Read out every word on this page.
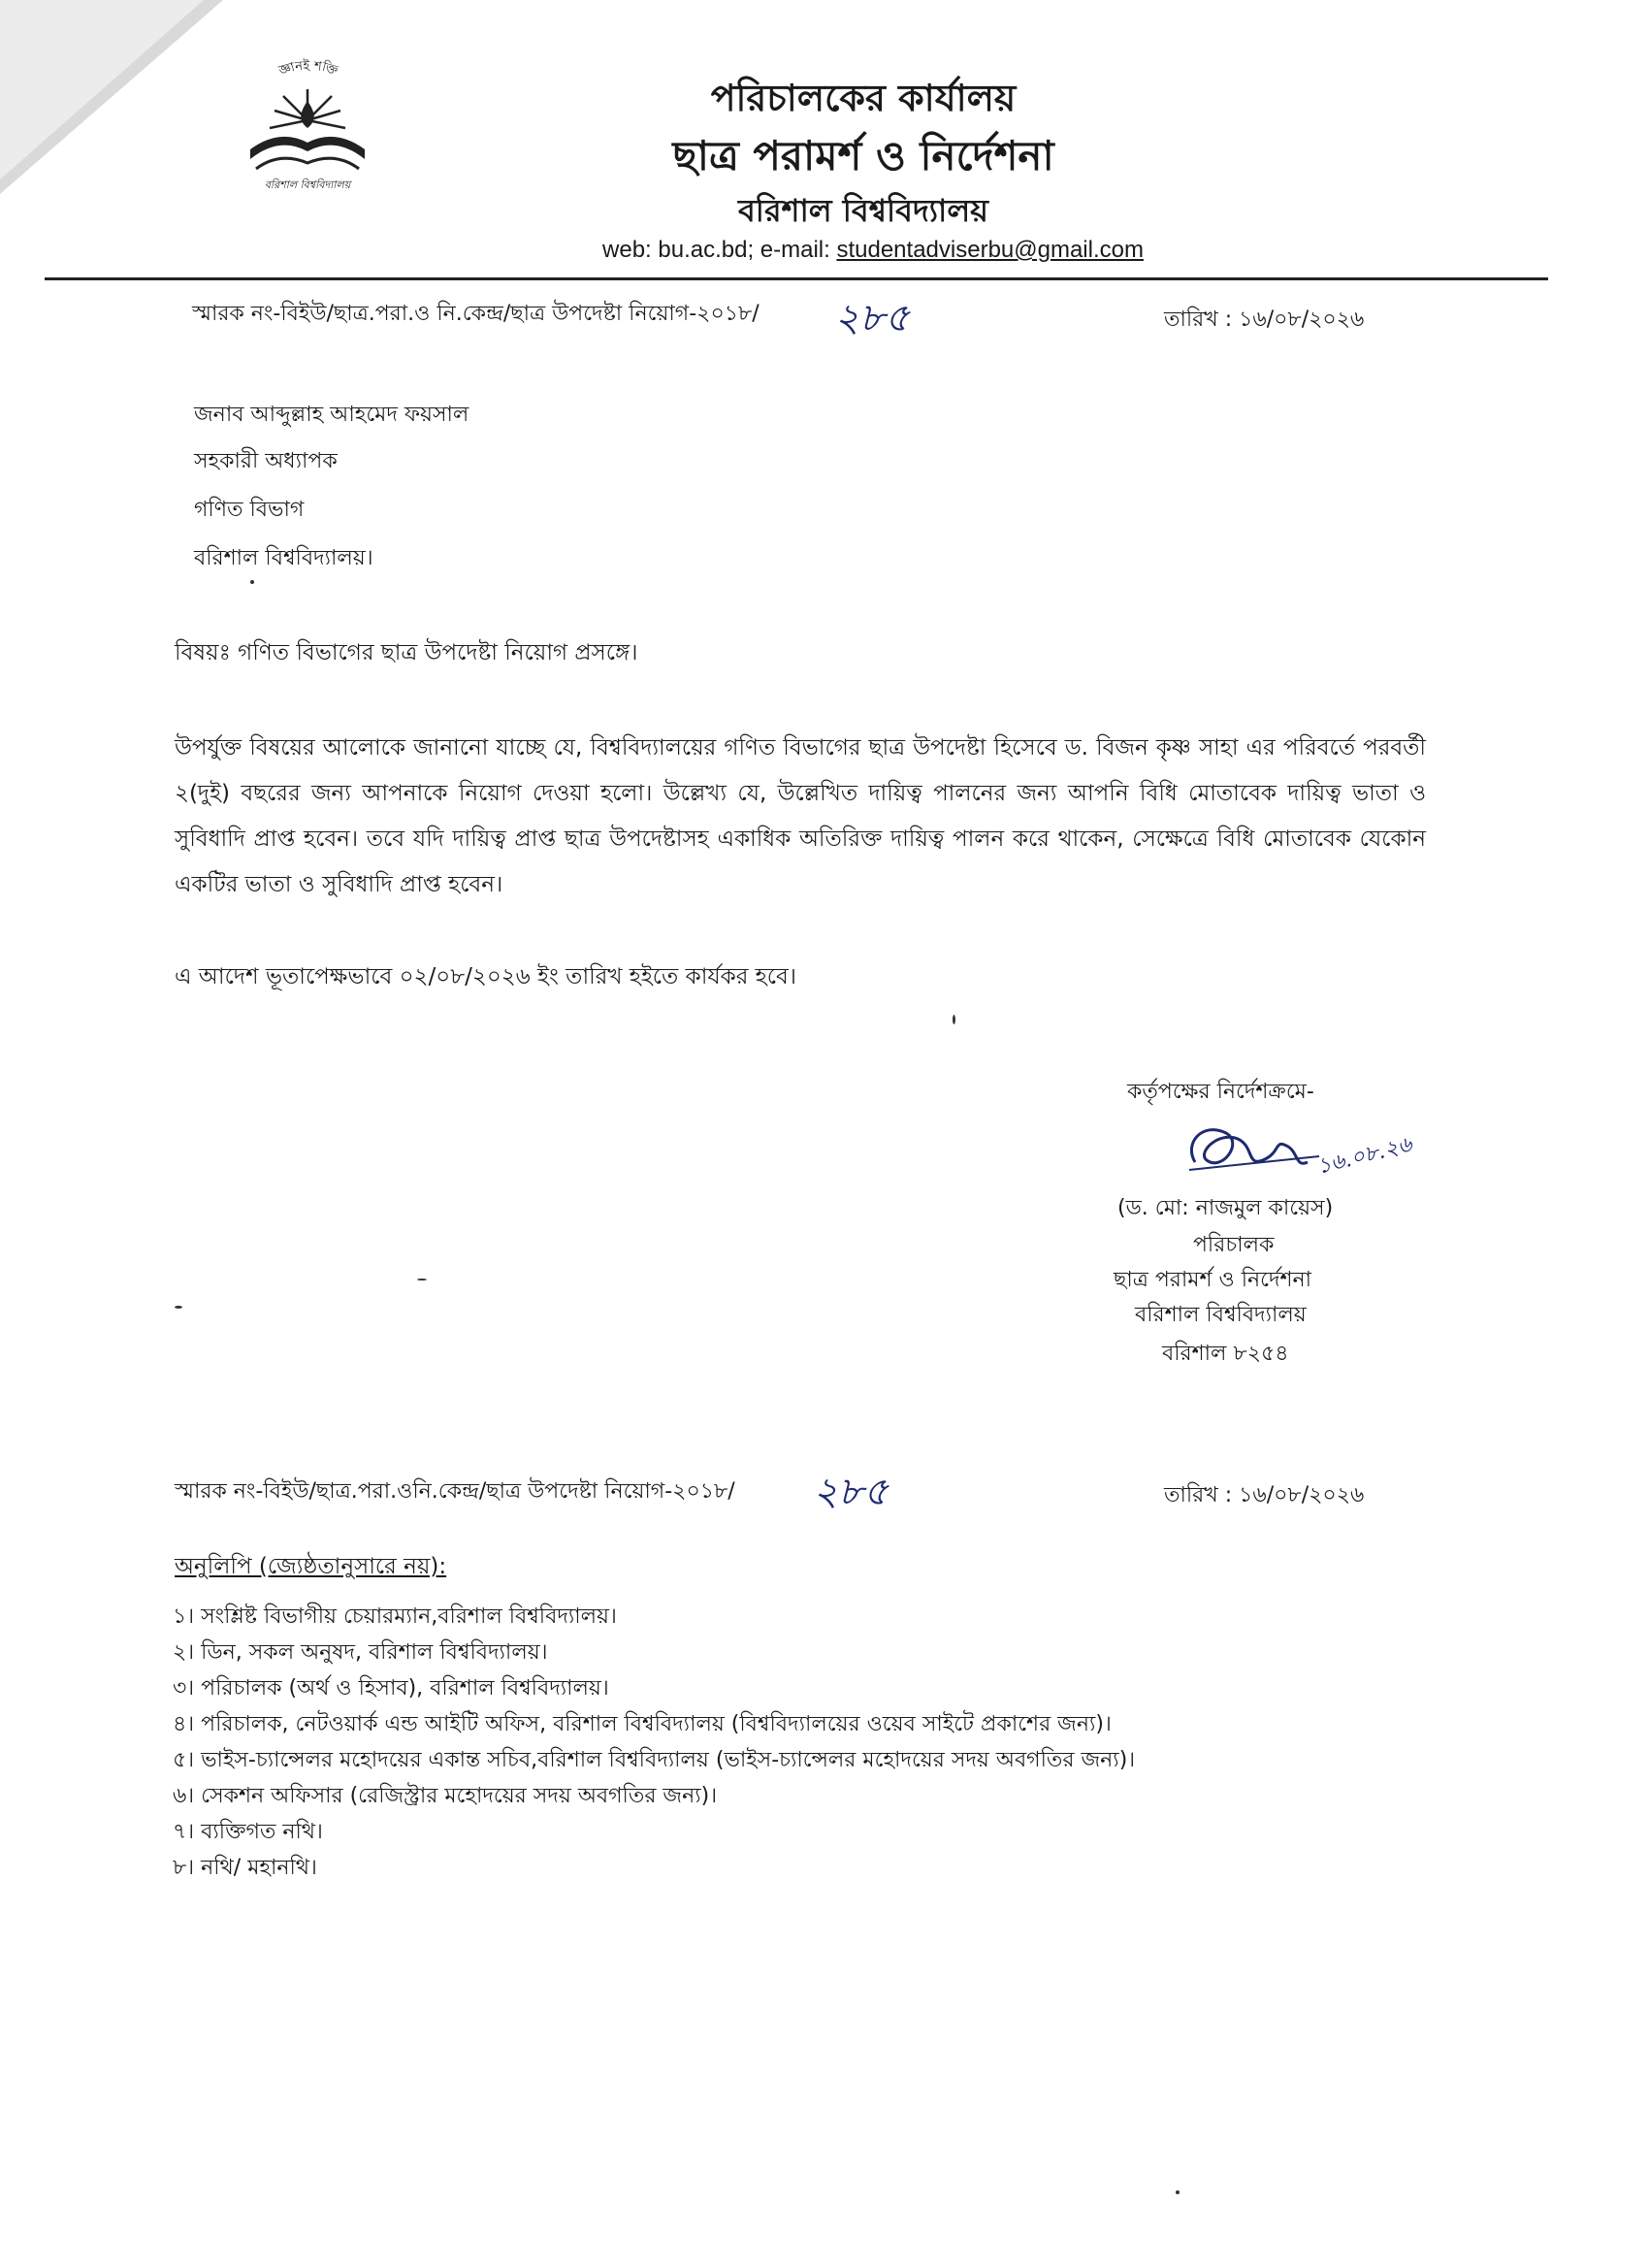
জ্ঞানই শক্তি
বরিশাল বিশ্ববিদ্যালয়
পরিচালকের কার্যালয়
ছাত্র পরামর্শ ও নির্দেশনা
বরিশাল বিশ্ববিদ্যালয়
web: bu.ac.bd; e-mail: studentadviserbu@gmail.com
স্মারক নং-বিইউ/ছাত্র.পরা.ও নি.কেন্দ্র/ছাত্র উপদেষ্টা নিয়োগ-২০১৮/ ২৮৫	তারিখ : ১৬/০৮/২০২৬
জনাব আব্দুল্লাহ আহমেদ ফয়সাল
সহকারী অধ্যাপক
গণিত বিভাগ
বরিশাল বিশ্ববিদ্যালয়।
বিষয়ঃ গণিত বিভাগের ছাত্র উপদেষ্টা নিয়োগ প্রসঙ্গে।
উপর্যুক্ত বিষয়ের আলোকে জানানো যাচ্ছে যে, বিশ্ববিদ্যালয়ের গণিত বিভাগের ছাত্র উপদেষ্টা হিসেবে ড. বিজন কৃষ্ণ সাহা এর পরিবর্তে পরবর্তী ২(দুই) বছরের জন্য আপনাকে নিয়োগ দেওয়া হলো। উল্লেখ্য যে, উল্লেখিত দায়িত্ব পালনের জন্য আপনি বিধি মোতাবেক দায়িত্ব ভাতা ও সুবিধাদি প্রাপ্ত হবেন। তবে যদি দায়িত্ব প্রাপ্ত ছাত্র উপদেষ্টাসহ একাধিক অতিরিক্ত দায়িত্ব পালন করে থাকেন, সেক্ষেত্রে বিধি মোতাবেক যেকোন একটির ভাতা ও সুবিধাদি প্রাপ্ত হবেন।
এ আদেশ ভূতাপেক্ষভাবে ০২/০৮/২০২৬ ইং তারিখ হইতে কার্যকর হবে।
কর্তৃপক্ষের নির্দেশক্রমে-
(ড. মো: নাজমুল কায়েস)
পরিচালক
ছাত্র পরামর্শ ও নির্দেশনা
বরিশাল বিশ্ববিদ্যালয়
বরিশাল ৮২৫৪
১৬.০৮.২৬
স্মারক নং-বিইউ/ছাত্র.পরা.ওনি.কেন্দ্র/ছাত্র উপদেষ্টা নিয়োগ-২০১৮/ ২৮৫	তারিখ : ১৬/০৮/২০২৬
অনুলিপি (জ্যেষ্ঠতানুসারে নয়):
১। সংশ্লিষ্ট বিভাগীয় চেয়ারম্যান,বরিশাল বিশ্ববিদ্যালয়।
২। ডিন, সকল অনুষদ, বরিশাল বিশ্ববিদ্যালয়।
৩। পরিচালক (অর্থ ও হিসাব), বরিশাল বিশ্ববিদ্যালয়।
৪। পরিচালক, নেটওয়ার্ক এন্ড আইটি অফিস, বরিশাল বিশ্ববিদ্যালয় (বিশ্ববিদ্যালয়ের ওয়েব সাইটে প্রকাশের জন্য)।
৫। ভাইস-চ্যান্সেলর মহোদয়ের একান্ত সচিব,বরিশাল বিশ্ববিদ্যালয় (ভাইস-চ্যান্সেলর মহোদয়ের সদয় অবগতির জন্য)।
৬। সেকশন অফিসার (রেজিস্ট্রার মহোদয়ের সদয় অবগতির জন্য)।
৭। ব্যক্তিগত নথি।
৮। নথি/ মহানথি।
